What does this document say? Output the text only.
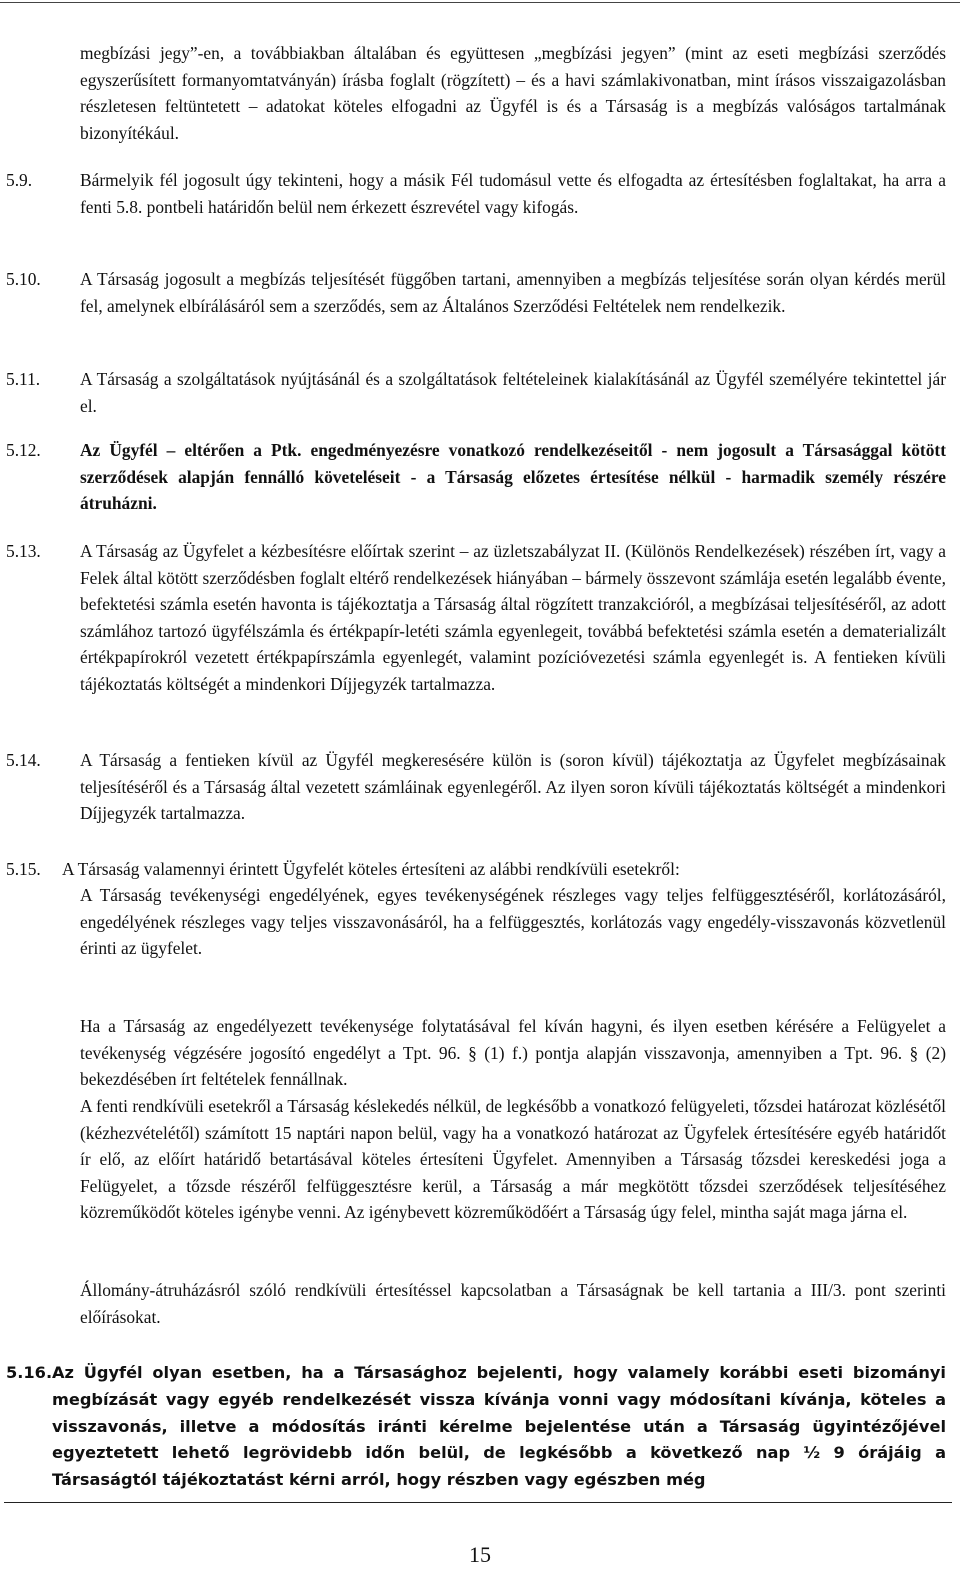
megbízási jegy”-en, a továbbiakban általában és együttesen „megbízási jegyen” (mint az eseti megbízási szerződés egyszerűsített formanyomtatványán) írásba foglalt (rögzített) – és a havi számlakivonatban, mint írásos visszaigazolásban részletesen feltüntetett – adatokat köteles elfogadni az Ügyfél is és a Társaság is a megbízás valóságos tartalmának bizonyítékául.

5.9.	Bármelyik fél jogosult úgy tekinteni, hogy a másik Fél tudomásul vette és elfogadta az értesítésben foglaltakat, ha arra a fenti 5.8. pontbeli határidőn belül nem érkezett észrevétel vagy kifogás.

5.10. A Társaság jogosult a megbízás teljesítését függőben tartani, amennyiben a megbízás teljesítése során olyan kérdés merül fel, amelynek elbírálásáról sem a szerződés, sem az Általános Szerződési Feltételek nem rendelkezik.

5.11. A Társaság a szolgáltatások nyújtásánál és a szolgáltatások feltételeinek kialakításánál az Ügyfél személyére tekintettel jár el.

5.12. Az Ügyfél – eltérően a Ptk. engedményezésre vonatkozó rendelkezéseitől - nem jogosult a Társasággal kötött szerződések alapján fennálló követeléseit - a Társaság előzetes értesítése nélkül - harmadik személy részére átruházni.

5.13. A Társaság az Ügyfelet a kézbesítésre előírtak szerint – az üzletszabályzat II. (Különös Rendelkezések) részében írt, vagy a Felek által kötött szerződésben foglalt eltérő rendelkezések hiányában – bármely összevont számlája esetén legalább évente, befektetési számla esetén havonta is tájékoztatja a Társaság által rögzített tranzakcióról, a megbízásai teljesítéséről, az adott számlához tartozó ügyfélszámla és értékpapír-letéti számla egyenlegeit, továbbá befektetési számla esetén a dematerializált értékpapírokról vezetett értékpapírszámla egyenlegét, valamint pozícióvezetési számla egyenlegét is. A fentieken kívüli tájékoztatás költségét a mindenkori Díjjegyzék tartalmazza.

5.14. A Társaság a fentieken kívül az Ügyfél megkeresésére külön is (soron kívül) tájékoztatja az Ügyfelet megbízásainak teljesítéséről és a Társaság által vezetett számláinak egyenlegéről. Az ilyen soron kívüli tájékoztatás költségét a mindenkori Díjjegyzék tartalmazza.

5.15. A Társaság valamennyi érintett Ügyfelét köteles értesíteni az alábbi rendkívüli esetekről:

A Társaság tevékenységi engedélyének, egyes tevékenységének részleges vagy teljes felfüggesztéséről, korlátozásáról, engedélyének részleges vagy teljes visszavonásáról, ha a felfüggesztés, korlátozás vagy engedély-visszavonás közvetlenül érinti az ügyfelet.

Ha a Társaság az engedélyezett tevékenysége folytatásával fel kíván hagyni, és ilyen esetben kérésére a Felügyelet a tevékenység végzésére jogosító engedélyt a Tpt. 96. § (1) f.) pontja alapján visszavonja, amennyiben a Tpt. 96. § (2) bekezdésében írt feltételek fennállnak.

A fenti rendkívüli esetekről a Társaság késlekedés nélkül, de legkésőbb a vonatkozó felügyeleti, tőzsdei határozat közlésétől (kézhezvételétől) számított 15 naptári napon belül, vagy ha a vonatkozó határozat az Ügyfelek értesítésére egyéb határidőt ír elő, az előírt határidő betartásával köteles értesíteni Ügyfelet. Amennyiben a Társaság tőzsdei kereskedési joga a Felügyelet, a tőzsde részéről felfüggesztésre kerül, a Társaság a már megkötött tőzsdei szerződések teljesítéséhez közreműködőt köteles igénybe venni. Az igénybevett közreműködőért a Társaság úgy felel, mintha saját maga járna el.

Állomány-átruházásról szóló rendkívüli értesítéssel kapcsolatban a Társaságnak be kell tartania a III/3. pont szerinti előírásokat.

5.16. Az Ügyfél olyan esetben, ha a Társasághoz bejelenti, hogy valamely korábbi eseti bizományi megbízását vagy egyéb rendelkezését vissza kívánja vonni vagy módosítani kívánja, köteles a visszavonás, illetve a módosítás iránti kérelme bejelentése után a Társaság ügyintézőjével egyeztetett lehető legrövidebb időn belül, de legkésőbb a következő nap ½ 9 órájáig a Társaságtól tájékoztatást kérni arról, hogy részben vagy egészben még

15
